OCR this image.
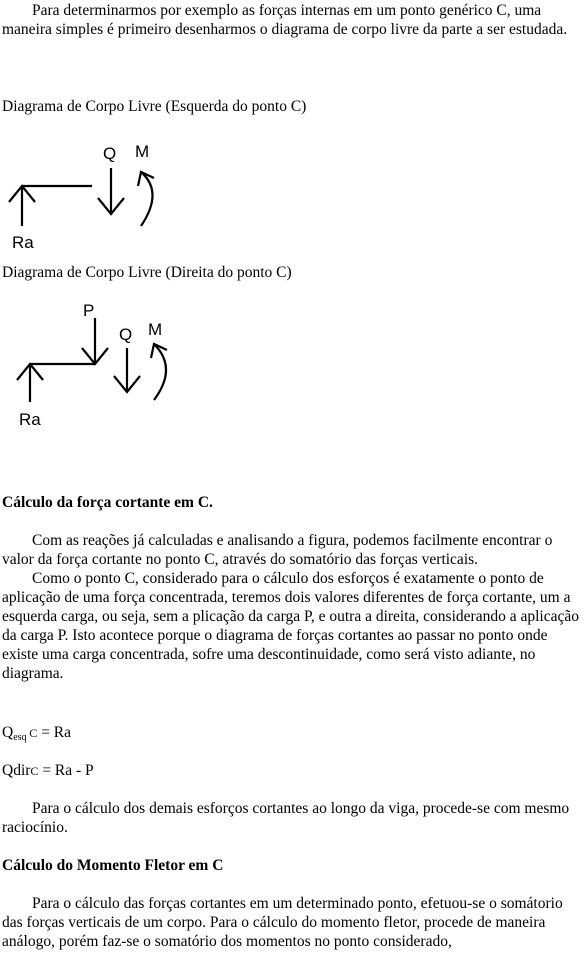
Para determinarmos por exemplo as forças internas em um ponto genérico C, uma maneira simples é primeiro desenharmos o diagrama de corpo livre da parte a ser estudada.

Diagrama de Corpo Livre (Esquerda do ponto C)

Q M
Ra

Diagrama de Corpo Livre (Direita do ponto C)

P
Q M
Ra

Cálculo da força cortante em C.

Com as reações já calculadas e analisando a figura, podemos facilmente encontrar o valor da força cortante no ponto C, através do somatório das forças verticais.

Como o ponto C, considerado para o cálculo dos esforços é exatamente o ponto de aplicação de uma força concentrada, teremos dois valores diferentes de força cortante, um a esquerda carga, ou seja, sem a plicação da carga P, e outra a direita, considerando a aplicação da carga P. Isto acontece porque o diagrama de forças cortantes ao passar no ponto onde existe uma carga concentrada, sofre uma descontinuidade, como será visto adiante, no diagrama.

$Q_{esq}$ C = Ra

QdirC = Ra - P

Para o cálculo dos demais esforços cortantes ao longo da viga, procede-se com mesmo raciocínio.

Cálculo do Momento Fletor em C

Para o cálculo das forças cortantes em um determinado ponto, efetuou-se o somátorio das forças verticais de um corpo. Para o cálculo do momento fletor, procede de maneira análogo, porém faz-se o somatório dos momentos no ponto considerado,
